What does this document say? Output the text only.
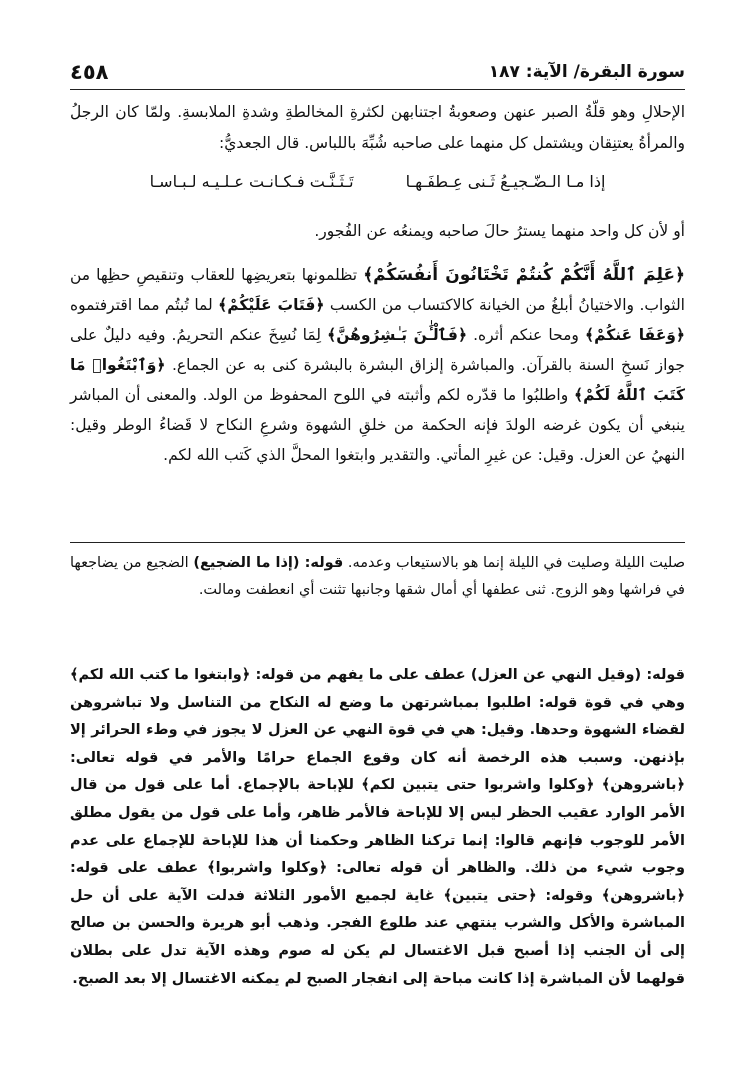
سورة البقرة/ الآية: ١٨٧
٤٥٨

الإحلالِ وهو قلّةُ الصبر عنهن وصعوبةُ اجتنابهن لكثرةِ المخالطةِ وشدةِ الملابسةِ. ولمّا كان الرجلُ والمرأةُ يعتنِقان ويشتمل كل منهما على صاحبه شُبِّهَ باللباس. قال الجعديُّ:

إذا مـا الـضّـجيـعُ ثَـنى عِـطفَـهـا
تَـثَـنَّـت فـكـانـت عـلـيـه لـبـاسـا
أو لأن كل واحد منهما يسترُ حالَ صاحبه ويمنعُه عن الفُجور.
﴿عَلِمَ ٱللَّهُ أَنَّكُمْ كُنتُمْ تَخْتَانُونَ أَنفُسَكُمْ﴾ تظلمونها بتعريضِها للعقاب وتنقيصِ حظِها من الثواب. والاختيانُ أبلغُ من الخيانة كالاكتساب من الكسب ﴿فَتَابَ عَلَيْكُمْ﴾ لما تُبتُم مما اقترفتموه ﴿وَعَفَا عَنكُمْ﴾ ومحا عنكم أثره. ﴿فَٱلْـَٰٔنَ بَـٰشِرُوهُنَّ﴾ لِمَا نُسِخَ عنكم التحريمُ. وفيه دليلٌ على جواز نَسخِ السنة بالقرآن. والمباشرة إلزاق البشرة بالبشرة كنى به عن الجماع. ﴿وَٱبْتَغُوا۟ مَا كَتَبَ ٱللَّهُ لَكُمْ﴾ واطلبُوا ما قدّره لكم وأثبته في اللوح المحفوظ من الولد. والمعنى أن المباشر ينبغي أن يكون غرضه الولدَ فإنه الحكمة من خلقِ الشهوة وشرعِ النكاح لا قَضاءُ الوطر وقيل: النهيُ عن العزل. وقيل: عن غيرِ المأتي. والتقدير وابتغوا المحلَّ الذي كَتب الله لكم.
صليت الليلة وصليت في الليلة إنما هو بالاستيعاب وعدمه. قوله: (إذا ما الضجيع) الضجيع من يضاجعها في فراشها وهو الزوج. ثنى عطفها أي أمال شقها وجانبها تثنت أي انعطفت ومالت.
قوله: (وقيل النهي عن العزل) عطف على ما يفهم من قوله: ﴿وابتغوا ما كتب الله لكم﴾ وهي في قوة قوله: اطلبوا بمباشرتهن ما وضع له النكاح من التناسل ولا تباشروهن لقضاء الشهوة وحدها. وقيل: هي في قوة النهي عن العزل لا يجوز في وطء الحرائر إلا بإذنهن. وسبب هذه الرخصة أنه كان وقوع الجماع حرامًا والأمر في قوله تعالى: ﴿باشروهن﴾ ﴿وكلوا واشربوا حتى يتبين لكم﴾ للإباحة بالإجماع. أما على قول من قال الأمر الوارد عقيب الحظر ليس إلا للإباحة فالأمر ظاهر، وأما على قول من يقول مطلق الأمر للوجوب فإنهم قالوا: إنما تركنا الظاهر وحكمنا أن هذا للإباحة للإجماع على عدم وجوب شيء من ذلك. والظاهر أن قوله تعالى: ﴿وكلوا واشربوا﴾ عطف على قوله: ﴿باشروهن﴾ وقوله: ﴿حتى يتبين﴾ غاية لجميع الأمور الثلاثة فدلت الآية على أن حل المباشرة والأكل والشرب ينتهي عند طلوع الفجر. وذهب أبو هريرة والحسن بن صالح إلى أن الجنب إذا أصبح قبل الاغتسال لم يكن له صوم وهذه الآية تدل على بطلان قولهما لأن المباشرة إذا كانت مباحة إلى انفجار الصبح لم يمكنه الاغتسال إلا بعد الصبح.
